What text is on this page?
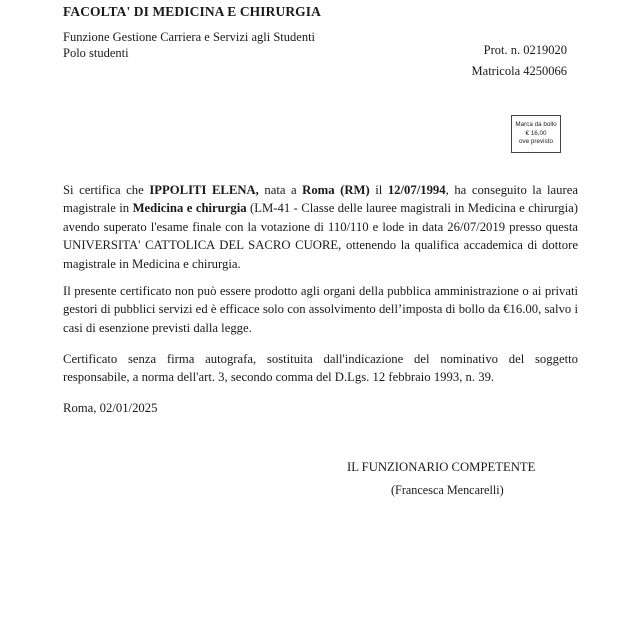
FACOLTA' DI MEDICINA E CHIRURGIA
Funzione Gestione Carriera e Servizi agli Studenti
Polo studenti	Prot. n. 0219020
Matricola 4250066
Marca da bollo
€ 16,00
ove previsto
Si certifica che IPPOLITI ELENA, nata a Roma (RM) il 12/07/1994, ha conseguito la laurea magistrale in Medicina e chirurgia (LM-41 - Classe delle lauree magistrali in Medicina e chirurgia) avendo superato l'esame finale con la votazione di 110/110 e lode in data 26/07/2019 presso questa UNIVERSITA' CATTOLICA DEL SACRO CUORE, ottenendo la qualifica accademica di dottore magistrale in Medicina e chirurgia.
Il presente certificato non può essere prodotto agli organi della pubblica amministrazione o ai privati gestori di pubblici servizi ed è efficace solo con assolvimento dell’imposta di bollo da €16.00, salvo i casi di esenzione previsti dalla legge.
Certificato senza firma autografa, sostituita dall'indicazione del nominativo del soggetto responsabile, a norma dell'art. 3, secondo comma del D.Lgs. 12 febbraio 1993, n. 39.
Roma, 02/01/2025
IL FUNZIONARIO COMPETENTE
(Francesca Mencarelli)
